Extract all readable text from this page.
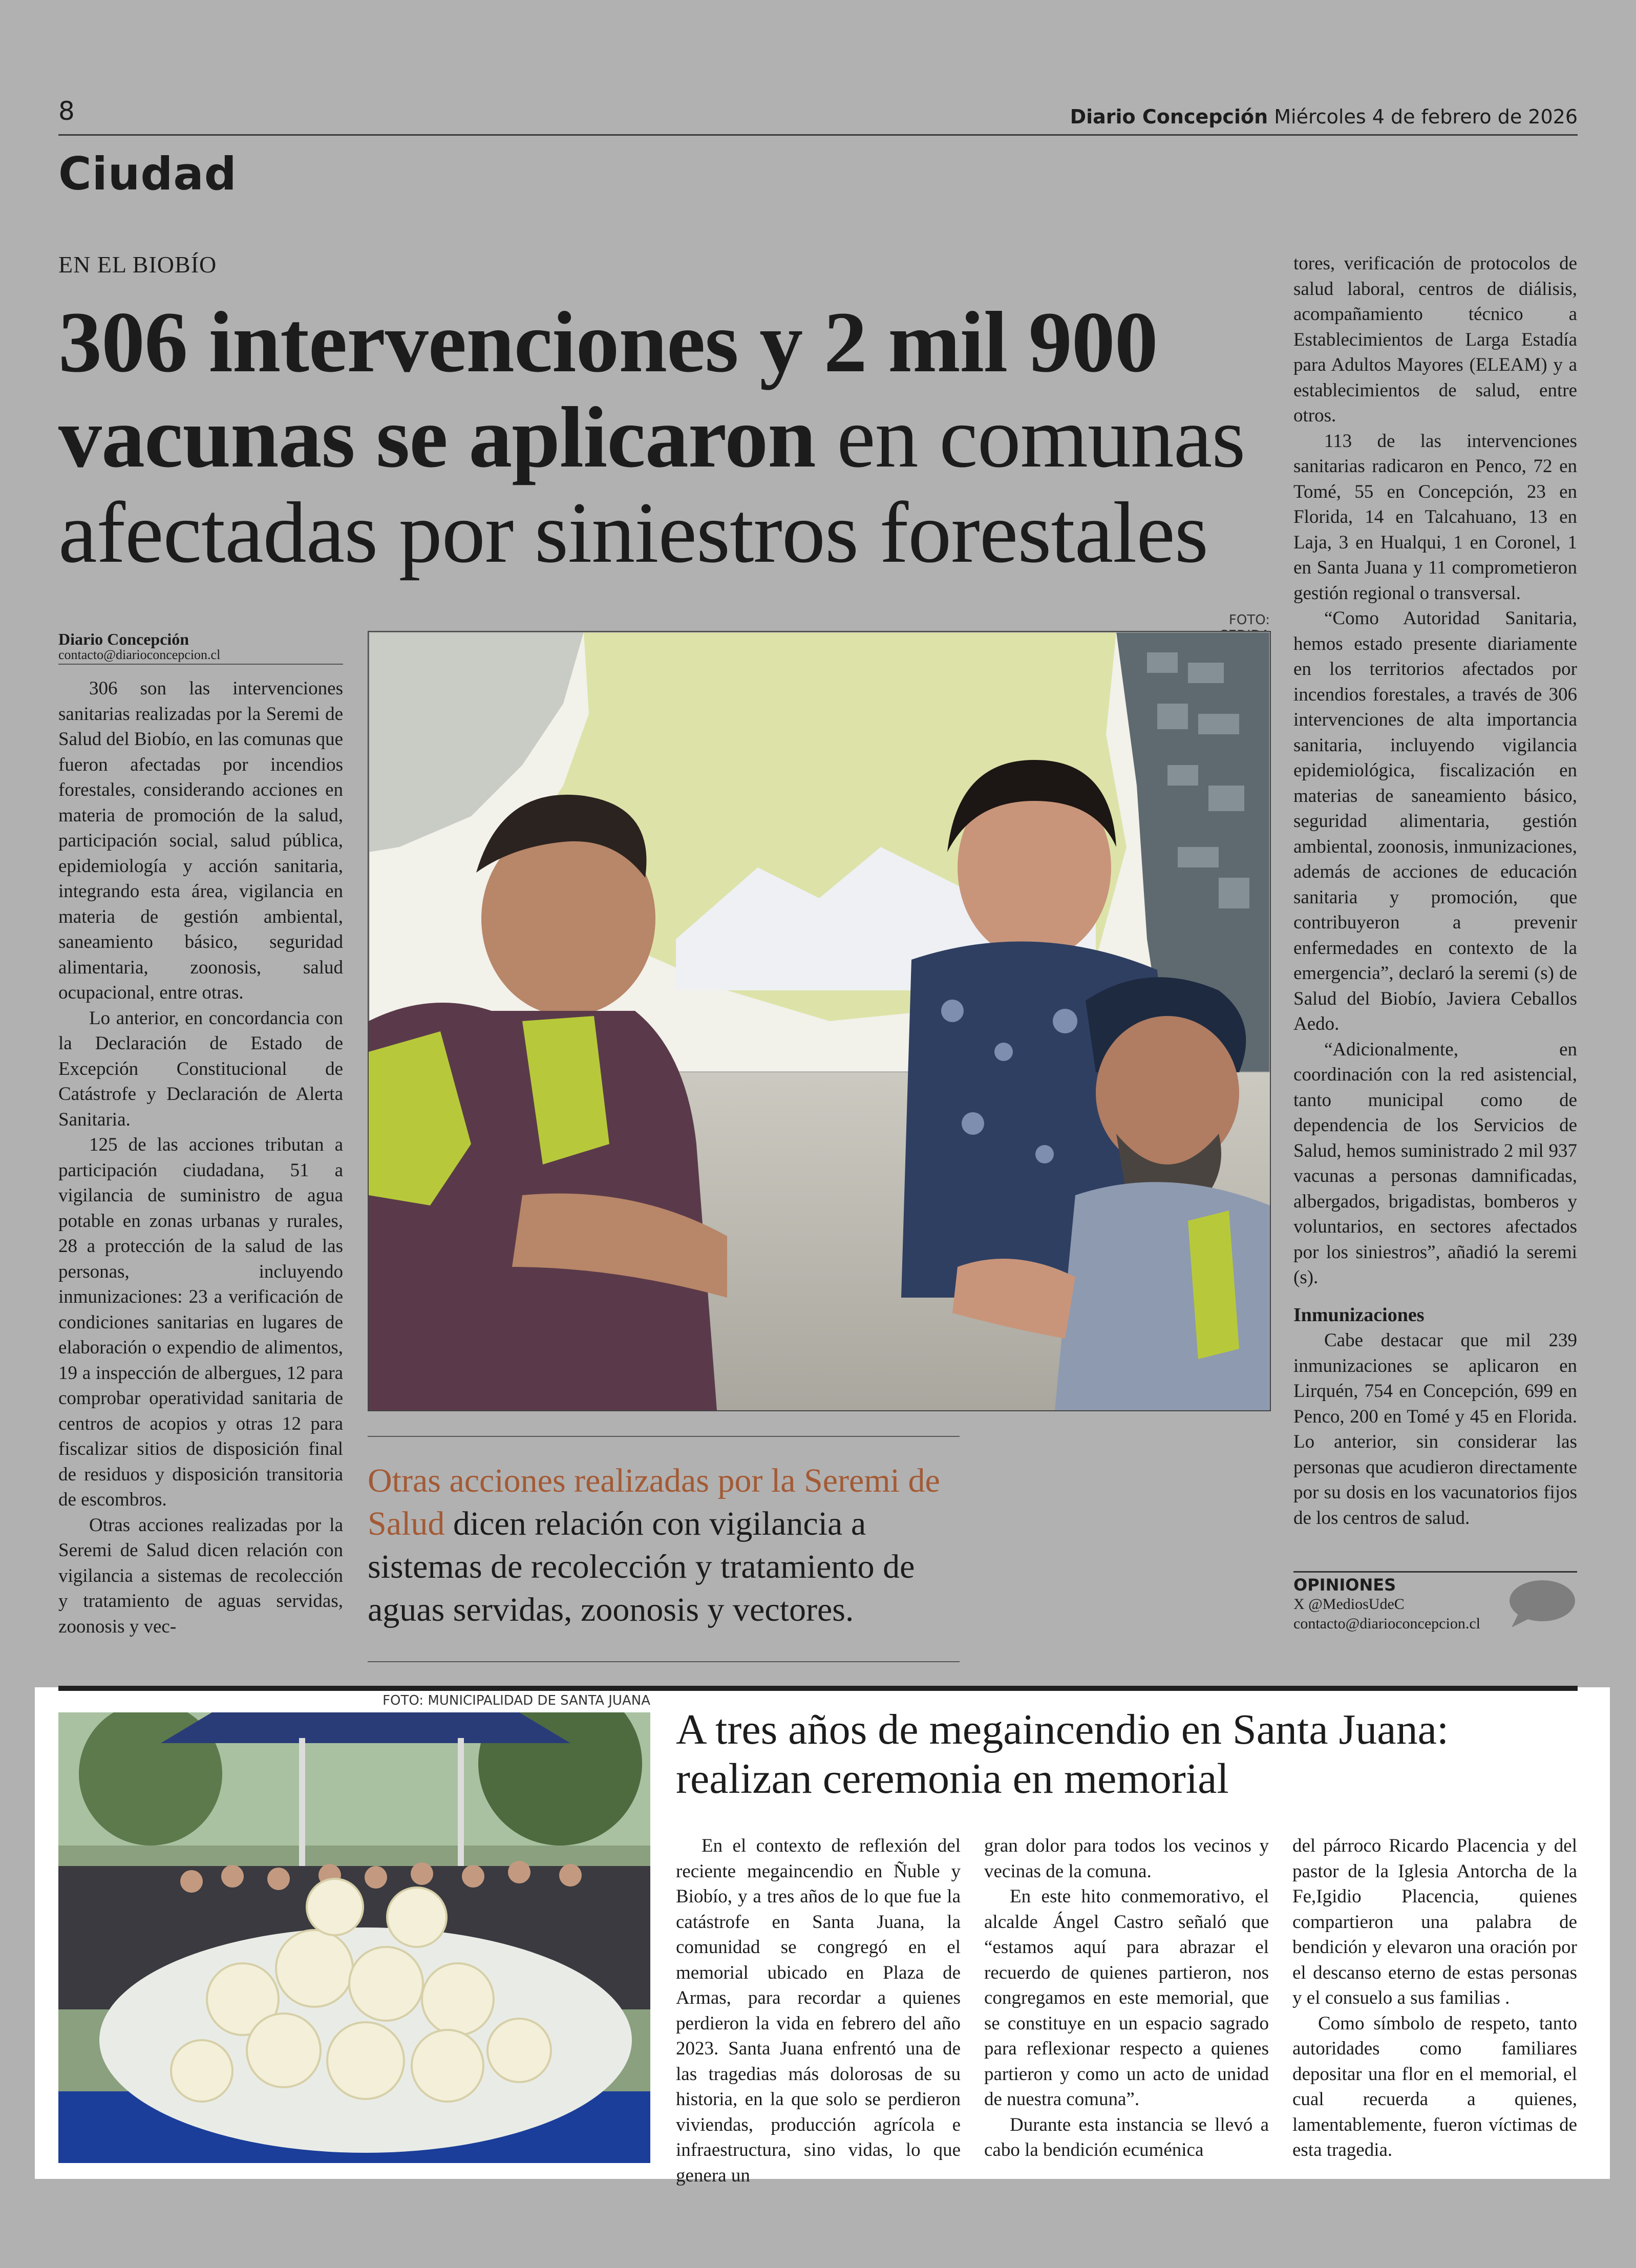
8	Diario Concepción Miércoles 4 de febrero de 2026
Ciudad
EN EL BIOBÍO
306 intervenciones y 2 mil 900 vacunas se aplicaron en comunas afectadas por siniestros forestales
Diario Concepción
contacto@diarioconcepcion.cl

306 son las intervenciones sanitarias realizadas por la Seremi de Salud del Biobío, en las comunas que fueron afectadas por incendios forestales, considerando acciones en materia de promoción de la salud, participación social, salud pública, epidemiología y acción sanitaria, integrando esta área, vigilancia en materia de gestión ambiental, saneamiento básico, seguridad alimentaria, zoonosis, salud ocupacional, entre otras.

Lo anterior, en concordancia con la Declaración de Estado de Excepción Constitucional de Catástrofe y Declaración de Alerta Sanitaria.

125 de las acciones tributan a participación ciudadana, 51 a vigilancia de suministro de agua potable en zonas urbanas y rurales, 28 a protección de la salud de las personas, incluyendo inmunizaciones: 23 a verificación de condiciones sanitarias en lugares de elaboración o expendio de alimentos, 19 a inspección de albergues, 12 para comprobar operatividad sanitaria de centros de acopios y otras 12 para fiscalizar sitios de disposición final de residuos y disposición transitoria de escombros.

Otras acciones realizadas por la Seremi de Salud dicen relación con vigilancia a sistemas de recolección y tratamiento de aguas servidas, zoonosis y vec-

FOTO:

Otras acciones realizadas por la Seremi de Salud dicen relación con vigilancia a sistemas de recolección y tratamiento de aguas servidas, zoonosis y vectores.

tores, verificación de protocolos de salud laboral, centros de diálisis, acompañamiento técnico a Establecimientos de Larga Estadía para Adultos Mayores (ELEAM) y a establecimientos de salud, entre otros.

113 de las intervenciones sanitarias radicaron en Penco, 72 en Tomé, 55 en Concepción, 23 en Florida, 14 en Talcahuano, 13 en Laja, 3 en Hualqui, 1 en Coronel, 1 en Santa Juana y 11 comprometieron gestión regional o transversal.

“Como Autoridad Sanitaria, hemos estado presente diariamente en los territorios afectados por incendios forestales, a través de 306 intervenciones de alta importancia sanitaria, incluyendo vigilancia epidemiológica, fiscalización en materias de saneamiento básico, seguridad alimentaria, gestión ambiental, zoonosis, inmunizaciones, además de acciones de educación sanitaria y promoción, que contribuyeron a prevenir enfermedades en contexto de la emergencia”, declaró la seremi (s) de Salud del Biobío, Javiera Ceballos Aedo.

“Adicionalmente, en coordinación con la red asistencial, tanto municipal como de dependencia de los Servicios de Salud, hemos suministrado 2 mil 937 vacunas a personas damnificadas, albergados, brigadistas, bomberos y voluntarios, en sectores afectados por los siniestros”, añadió la seremi (s).

Inmunizaciones

Cabe destacar que mil 239 inmunizaciones se aplicaron en Lirquén, 754 en Concepción, 699 en Penco, 200 en Tomé y 45 en Florida. Lo anterior, sin considerar las personas que acudieron directamente por su dosis en los vacunatorios fijos de los centros de salud.

OPINIONES
X @MediosUdeC
contacto@diarioconcepcion.cl
FOTO: MUNICIPALIDAD DE SANTA JUANA
A tres años de megaincendio en Santa Juana: realizan ceremonia en memorial

En el contexto de reflexión del reciente megaincendio en Ñuble y Biobío, y a tres años de lo que fue la catástrofe en Santa Juana, la comunidad se congregó en el memorial ubicado en Plaza de Armas, para recordar a quienes perdieron la vida en febrero del año 2023. Santa Juana enfrentó una de las tragedias más dolorosas de su historia, en la que solo se perdieron viviendas, producción agrícola e infraestructura, sino vidas, lo que genera un

gran dolor para todos los vecinos y vecinas de la comuna.

En este hito conmemorativo, el alcalde Ángel Castro señaló que “estamos aquí para abrazar el recuerdo de quienes partieron, nos congregamos en este memorial, que se constituye en un espacio sagrado para reflexionar respecto a quienes partieron y como un acto de unidad de nuestra comuna”.

Durante esta instancia se llevó a cabo la bendición ecuménica

del párroco Ricardo Placencia y del pastor de la Iglesia Antorcha de la Fe,Igidio Placencia, quienes compartieron una palabra de bendición y elevaron una oración por el descanso eterno de estas personas y el consuelo a sus familias .

Como símbolo de respeto, tanto autoridades como familiares depositar una flor en el memorial, el cual recuerda a quienes, lamentablemente, fueron víctimas de esta tragedia.
